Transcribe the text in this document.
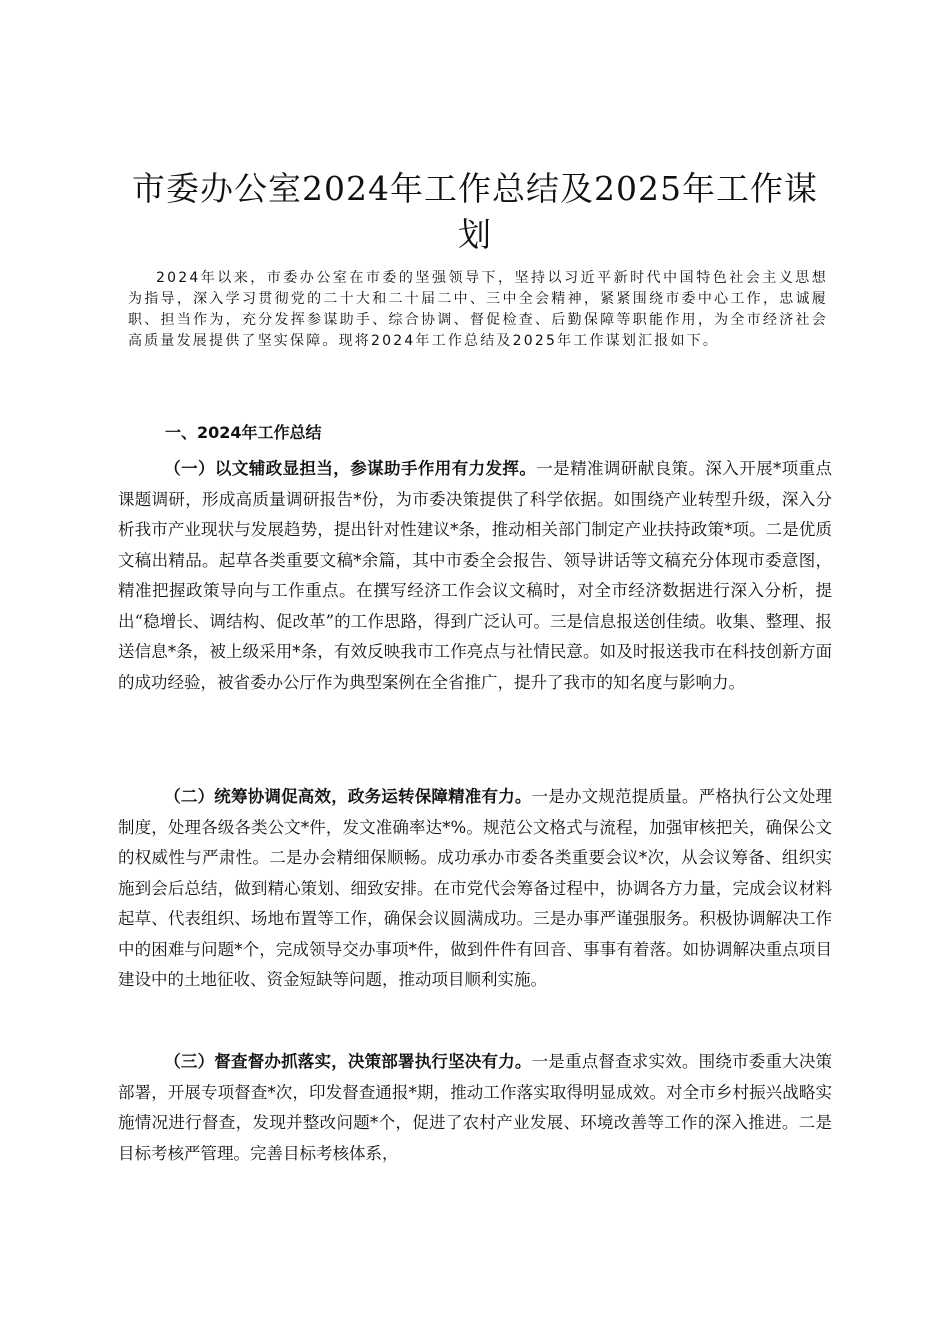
市委办公室2024年工作总结及2025年工作谋划

2024年以来，市委办公室在市委的坚强领导下，坚持以习近平新时代中国特色社会主义思想为指导，深入学习贯彻党的二十大和二十届二中、三中全会精神，紧紧围绕市委中心工作，忠诚履职、担当作为，充分发挥参谋助手、综合协调、督促检查、后勤保障等职能作用，为全市经济社会高质量发展提供了坚实保障。现将2024年工作总结及2025年工作谋划汇报如下。

一、2024年工作总结

（一）以文辅政显担当，参谋助手作用有力发挥。一是精准调研献良策。深入开展*项重点课题调研，形成高质量调研报告*份，为市委决策提供了科学依据。如围绕产业转型升级，深入分析我市产业现状与发展趋势，提出针对性建议*条，推动相关部门制定产业扶持政策*项。二是优质文稿出精品。起草各类重要文稿*余篇，其中市委全会报告、领导讲话等文稿充分体现市委意图，精准把握政策导向与工作重点。在撰写经济工作会议文稿时，对全市经济数据进行深入分析，提出“稳增长、调结构、促改革”的工作思路，得到广泛认可。三是信息报送创佳绩。收集、整理、报送信息*条，被上级采用*条，有效反映我市工作亮点与社情民意。如及时报送我市在科技创新方面的成功经验，被省委办公厅作为典型案例在全省推广，提升了我市的知名度与影响力。

（二）统筹协调促高效，政务运转保障精准有力。一是办文规范提质量。严格执行公文处理制度，处理各级各类公文*件，发文准确率达*%。规范公文格式与流程，加强审核把关，确保公文的权威性与严肃性。二是办会精细保顺畅。成功承办市委各类重要会议*次，从会议筹备、组织实施到会后总结，做到精心策划、细致安排。在市党代会筹备过程中，协调各方力量，完成会议材料起草、代表组织、场地布置等工作，确保会议圆满成功。三是办事严谨强服务。积极协调解决工作中的困难与问题*个，完成领导交办事项*件，做到件件有回音、事事有着落。如协调解决重点项目建设中的土地征收、资金短缺等问题，推动项目顺利实施。

（三）督查督办抓落实，决策部署执行坚决有力。一是重点督查求实效。围绕市委重大决策部署，开展专项督查*次，印发督查通报*期，推动工作落实取得明显成效。对全市乡村振兴战略实施情况进行督查，发现并整改问题*个，促进了农村产业发展、环境改善等工作的深入推进。二是目标考核严管理。完善目标考核体系，
